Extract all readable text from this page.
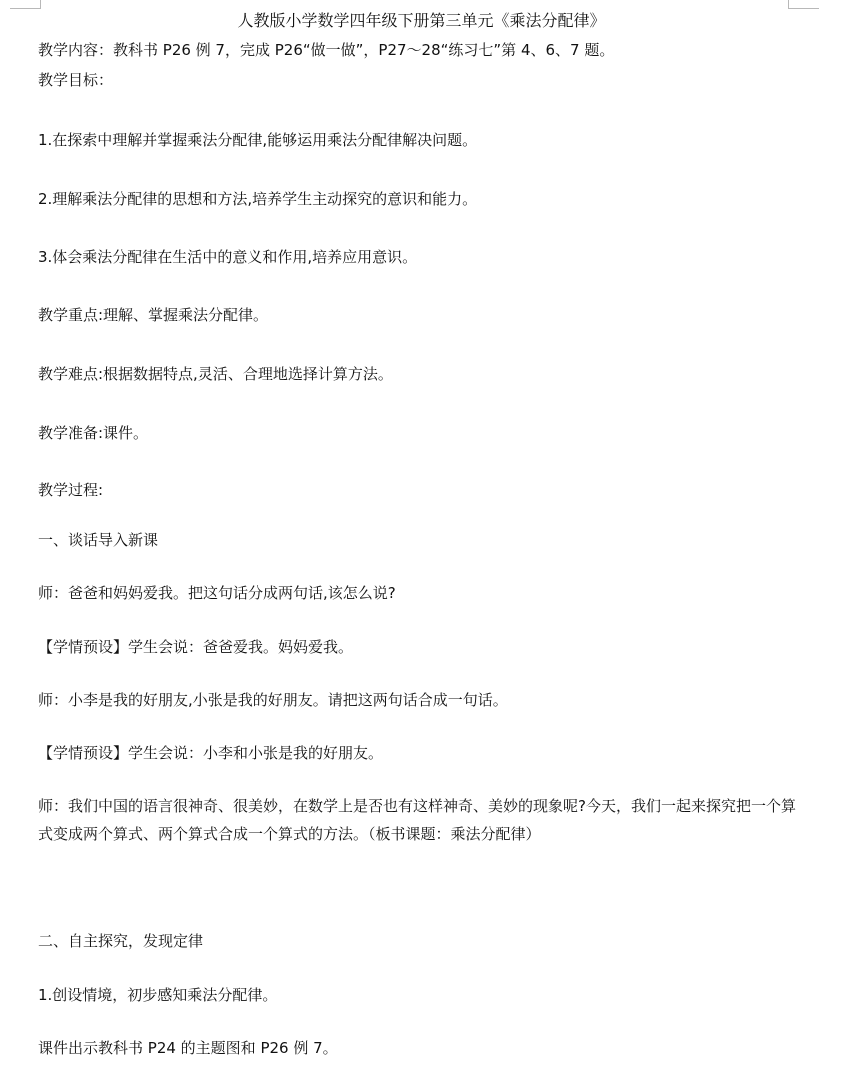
人教版小学数学四年级下册第三单元《乘法分配律》
教学内容：教科书 P26 例 7，完成 P26“做一做”，P27～28“练习七”第 4、6、7 题。
教学目标：
1.在探索中理解并掌握乘法分配律,能够运用乘法分配律解决问题。
2.理解乘法分配律的思想和方法,培养学生主动探究的意识和能力。
3.体会乘法分配律在生活中的意义和作用,培养应用意识。
教学重点:理解、掌握乘法分配律。
教学难点:根据数据特点,灵活、合理地选择计算方法。
教学准备:课件。
教学过程:
一、谈话导入新课
师：爸爸和妈妈爱我。把这句话分成两句话,该怎么说?
【学情预设】学生会说：爸爸爱我。妈妈爱我。
师：小李是我的好朋友,小张是我的好朋友。请把这两句话合成一句话。
【学情预设】学生会说：小李和小张是我的好朋友。
师：我们中国的语言很神奇、很美妙，在数学上是否也有这样神奇、美妙的现象呢?今天，我们一起来探究把一个算式变成两个算式、两个算式合成一个算式的方法。（板书课题：乘法分配律）
二、自主探究，发现定律
1.创设情境，初步感知乘法分配律。
课件出示教科书 P24 的主题图和 P26 例 7。
